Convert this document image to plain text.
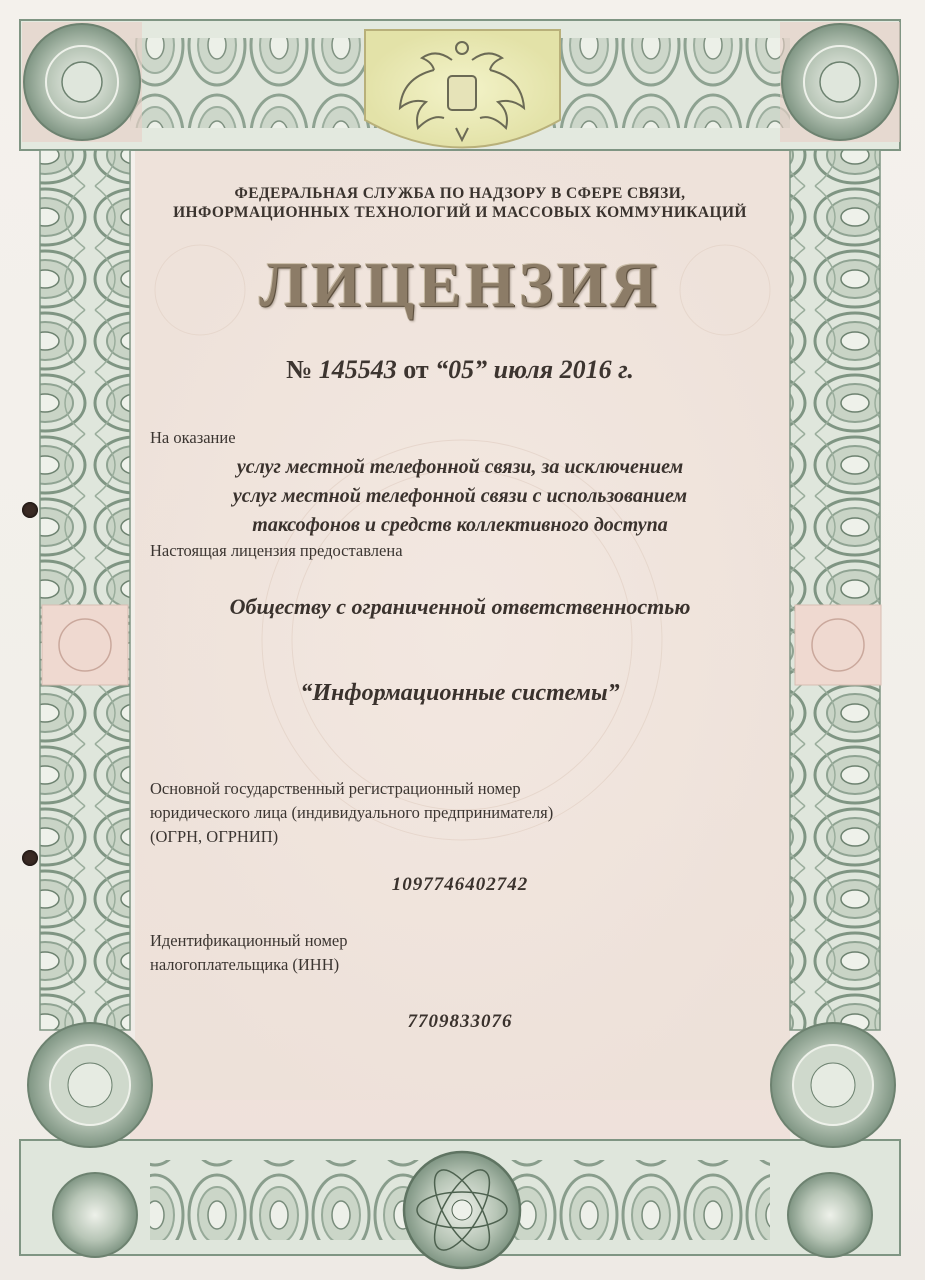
ФЕДЕРАЛЬНАЯ СЛУЖБА ПО НАДЗОРУ В СФЕРЕ СВЯЗИ,
ИНФОРМАЦИОННЫХ ТЕХНОЛОГИЙ И МАССОВЫХ КОММУНИКАЦИЙ
ЛИЦЕНЗИЯ
№ 145543 от “05” июля 2016 г.
На оказание
услуг местной телефонной связи, за исключением
услуг местной телефонной связи с использованием
таксофонов и средств коллективного доступа
Настоящая лицензия предоставлена
Обществу с ограниченной ответственностью
“Информационные системы”
Основной государственный регистрационный номер
юридического лица (индивидуального предпринимателя)
(ОГРН, ОГРНИП)
1097746402742
Идентификационный номер
налогоплательщика (ИНН)
7709833076
